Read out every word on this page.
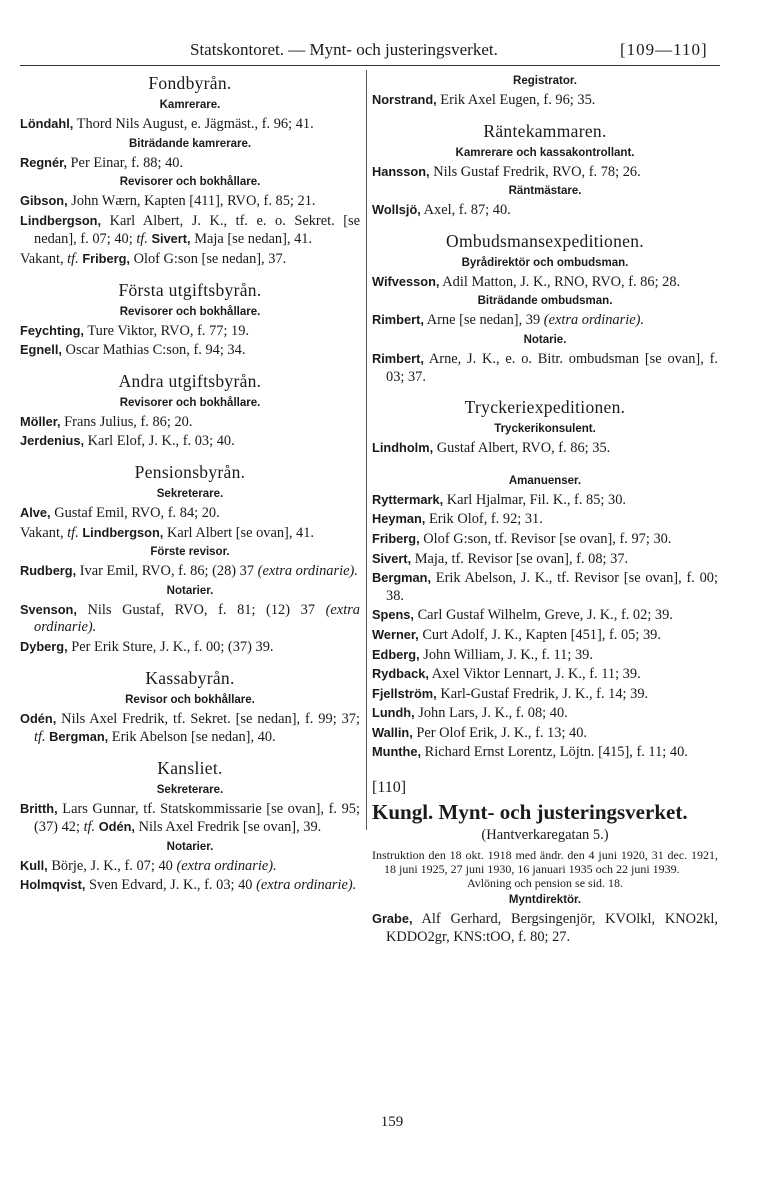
Statskontoret. — Mynt- och justeringsverket.	[109—110]
Fondbyrån.
Kamrerare.
Löndahl, Thord Nils August, e. Jägmäst., f. 96; 41.
Biträdande kamrerare.
Regnér, Per Einar, f. 88; 40.
Revisorer och bokhållare.
Gibson, John Wærn, Kapten [411], RVO, f. 85; 21.
Lindbergson, Karl Albert, J. K., tf. e. o. Sekret. [se nedan], f. 07; 40; tf. Sivert, Maja [se nedan], 41.
Vakant, tf. Friberg, Olof G:son [se nedan], 37.
Första utgiftsbyrån.
Revisorer och bokhållare.
Feychting, Ture Viktor, RVO, f. 77; 19.
Egnell, Oscar Mathias C:son, f. 94; 34.
Andra utgiftsbyrån.
Revisorer och bokhållare.
Möller, Frans Julius, f. 86; 20.
Jerdenius, Karl Elof, J. K., f. 03; 40.
Pensionsbyrån.
Sekreterare.
Alve, Gustaf Emil, RVO, f. 84; 20.
Vakant, tf. Lindbergson, Karl Albert [se ovan], 41.
Förste revisor.
Rudberg, Ivar Emil, RVO, f. 86; (28) 37 (extra ordinarie).
Notarier.
Svenson, Nils Gustaf, RVO, f. 81; (12) 37 (extra ordinarie).
Dyberg, Per Erik Sture, J. K., f. 00; (37) 39.
Kassabyrån.
Revisor och bokhållare.
Odén, Nils Axel Fredrik, tf. Sekret. [se nedan], f. 99; 37; tf. Bergman, Erik Abelson [se nedan], 40.
Kansliet.
Sekreterare.
Britth, Lars Gunnar, tf. Statskommissarie [se ovan], f. 95; (37) 42; tf. Odén, Nils Axel Fredrik [se ovan], 39.
Notarier.
Kull, Börje, J. K., f. 07; 40 (extra ordinarie).
Holmqvist, Sven Edvard, J. K., f. 03; 40 (extra ordinarie).
Registrator.
Norstrand, Erik Axel Eugen, f. 96; 35.
Räntekammaren.
Kamrerare och kassakontrollant.
Hansson, Nils Gustaf Fredrik, RVO, f. 78; 26.
Räntmästare.
Wollsjö, Axel, f. 87; 40.
Ombudsmansexpeditionen.
Byrådirektör och ombudsman.
Wifvesson, Adil Matton, J. K., RNO, RVO, f. 86; 28.
Biträdande ombudsman.
Rimbert, Arne [se nedan], 39 (extra ordinarie).
Notarie.
Rimbert, Arne, J. K., e. o. Bitr. ombudsman [se ovan], f. 03; 37.
Tryckeriexpeditionen.
Tryckerikonsulent.
Lindholm, Gustaf Albert, RVO, f. 86; 35.
Amanuenser.
Ryttermark, Karl Hjalmar, Fil. K., f. 85; 30.
Heyman, Erik Olof, f. 92; 31.
Friberg, Olof G:son, tf. Revisor [se ovan], f. 97; 30.
Sivert, Maja, tf. Revisor [se ovan], f. 08; 37.
Bergman, Erik Abelson, J. K., tf. Revisor [se ovan], f. 00; 38.
Spens, Carl Gustaf Wilhelm, Greve, J. K., f. 02; 39.
Werner, Curt Adolf, J. K., Kapten [451], f. 05; 39.
Edberg, John William, J. K., f. 11; 39.
Rydback, Axel Viktor Lennart, J. K., f. 11; 39.
Fjellström, Karl-Gustaf Fredrik, J. K., f. 14; 39.
Lundh, John Lars, J. K., f. 08; 40.
Wallin, Per Olof Erik, J. K., f. 13; 40.
Munthe, Richard Ernst Lorentz, Löjtn. [415], f. 11; 40.
[110]
Kungl. Mynt- och justeringsverket.
(Hantverkaregatan 5.)
Instruktion den 18 okt. 1918 med ändr. den 4 juni 1920, 31 dec. 1921, 18 juni 1925, 27 juni 1930, 16 januari 1935 och 22 juni 1939.
Avlöning och pension se sid. 18.
Myntdirektör.
Grabe, Alf Gerhard, Bergsingenjör, KVOlkl, KNO2kl, KDDO2gr, KNS:tOO, f. 80; 27.
159
